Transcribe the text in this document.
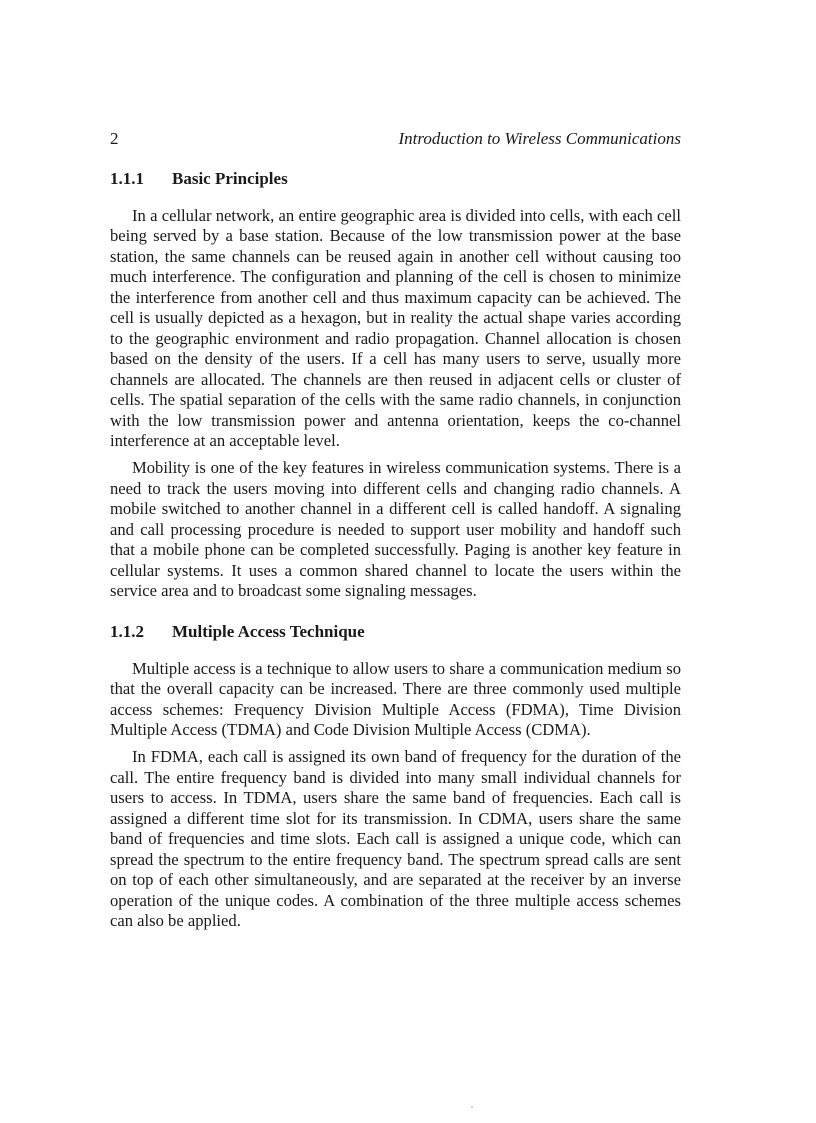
2	Introduction to Wireless Communications
1.1.1	Basic Principles

In a cellular network, an entire geographic area is divided into cells, with each cell being served by a base station. Because of the low transmission power at the base station, the same channels can be reused again in another cell without causing too much interference. The configuration and planning of the cell is chosen to minimize the interference from another cell and thus maximum capacity can be achieved. The cell is usually depicted as a hexagon, but in reality the actual shape varies according to the geographic environment and radio propagation. Channel allocation is chosen based on the density of the users. If a cell has many users to serve, usually more channels are allocated. The channels are then reused in adjacent cells or cluster of cells. The spatial separation of the cells with the same radio channels, in conjunction with the low transmission power and antenna orientation, keeps the co-channel interference at an acceptable level.

Mobility is one of the key features in wireless communication systems. There is a need to track the users moving into different cells and changing radio channels. A mobile switched to another channel in a different cell is called handoff. A signaling and call processing procedure is needed to support user mobility and handoff such that a mobile phone can be completed successfully. Paging is another key feature in cellular systems. It uses a common shared channel to locate the users within the service area and to broadcast some signaling messages.

1.1.2	Multiple Access Technique

Multiple access is a technique to allow users to share a communication medium so that the overall capacity can be increased. There are three commonly used multiple access schemes: Frequency Division Multiple Access (FDMA), Time Division Multiple Access (TDMA) and Code Division Multiple Access (CDMA).

In FDMA, each call is assigned its own band of frequency for the duration of the call. The entire frequency band is divided into many small individual channels for users to access. In TDMA, users share the same band of frequencies. Each call is assigned a different time slot for its transmission. In CDMA, users share the same band of frequencies and time slots. Each call is assigned a unique code, which can spread the spectrum to the entire frequency band. The spectrum spread calls are sent on top of each other simultaneously, and are separated at the receiver by an inverse operation of the unique codes. A combination of the three multiple access schemes can also be applied.
